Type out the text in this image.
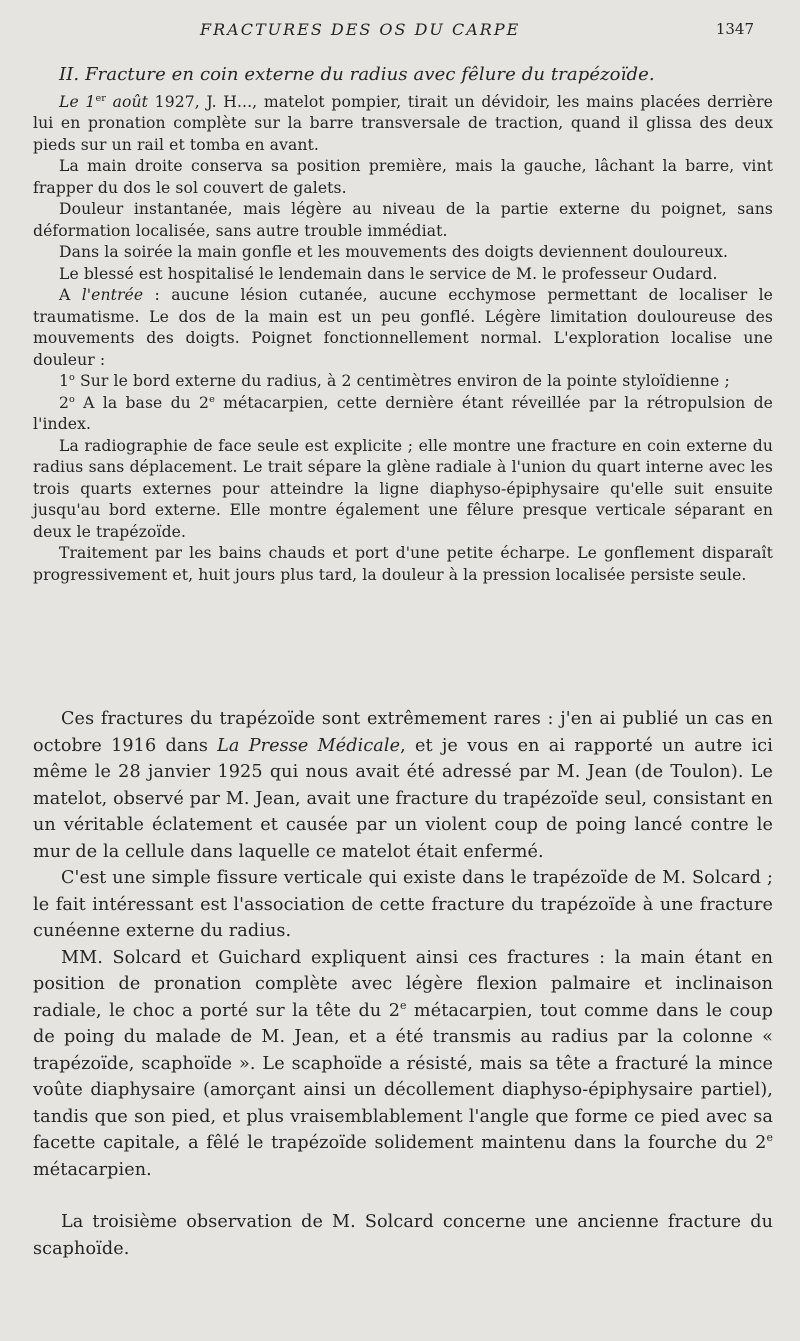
FRACTURES DES OS DU CARPE	1347
II. Fracture en coin externe du radius avec fêlure du trapézoïde.

Le 1er août 1927, J. H..., matelot pompier, tirait un dévidoir, les mains placées derrière lui en pronation complète sur la barre transversale de traction, quand il glissa des deux pieds sur un rail et tomba en avant.

La main droite conserva sa position première, mais la gauche, lâchant la barre, vint frapper du dos le sol couvert de galets.

Douleur instantanée, mais légère au niveau de la partie externe du poignet, sans déformation localisée, sans autre trouble immédiat.

Dans la soirée la main gonfle et les mouvements des doigts deviennent douloureux.

Le blessé est hospitalisé le lendemain dans le service de M. le professeur Oudard.

A l'entrée : aucune lésion cutanée, aucune ecchymose permettant de localiser le traumatisme. Le dos de la main est un peu gonflé. Légère limitation douloureuse des mouvements des doigts. Poignet fonctionnellement normal. L'exploration localise une douleur :

1$^o$ Sur le bord externe du radius, à 2 centimètres environ de la pointe styloïdienne ;

2$^o$ A la base du 2e métacarpien, cette dernière étant réveillée par la rétropulsion de l'index.

La radiographie de face seule est explicite ; elle montre une fracture en coin externe du radius sans déplacement. Le trait sépare la glène radiale à l'union du quart interne avec les trois quarts externes pour atteindre la ligne diaphyso-épiphysaire qu'elle suit ensuite jusqu'au bord externe. Elle montre également une fêlure presque verticale séparant en deux le trapézoïde.

Traitement par les bains chauds et port d'une petite écharpe. Le gonflement disparaît progressivement et, huit jours plus tard, la douleur à la pression localisée persiste seule.

Ces fractures du trapézoïde sont extrêmement rares : j'en ai publié un cas en octobre 1916 dans La Presse Médicale, et je vous en ai rapporté un autre ici même le 28 janvier 1925 qui nous avait été adressé par M. Jean (de Toulon). Le matelot, observé par M. Jean, avait une fracture du trapézoïde seul, consistant en un véritable éclatement et causée par un violent coup de poing lancé contre le mur de la cellule dans laquelle ce matelot était enfermé.

C'est une simple fissure verticale qui existe dans le trapézoïde de M. Solcard ; le fait intéressant est l'association de cette fracture du trapézoïde à une fracture cunéenne externe du radius.

MM. Solcard et Guichard expliquent ainsi ces fractures : la main étant en position de pronation complète avec légère flexion palmaire et inclinaison radiale, le choc a porté sur la tête du 2e métacarpien, tout comme dans le coup de poing du malade de M. Jean, et a été transmis au radius par la colonne « trapézoïde, scaphoïde ». Le scaphoïde a résisté, mais sa tête a fracturé la mince voûte diaphysaire (amorçant ainsi un décollement diaphyso-épiphysaire partiel), tandis que son pied, et plus vraisemblablement l'angle que forme ce pied avec sa facette capitale, a fêlé le trapézoïde solidement maintenu dans la fourche du 2e métacarpien.

La troisième observation de M. Solcard concerne une ancienne fracture du scaphoïde.
